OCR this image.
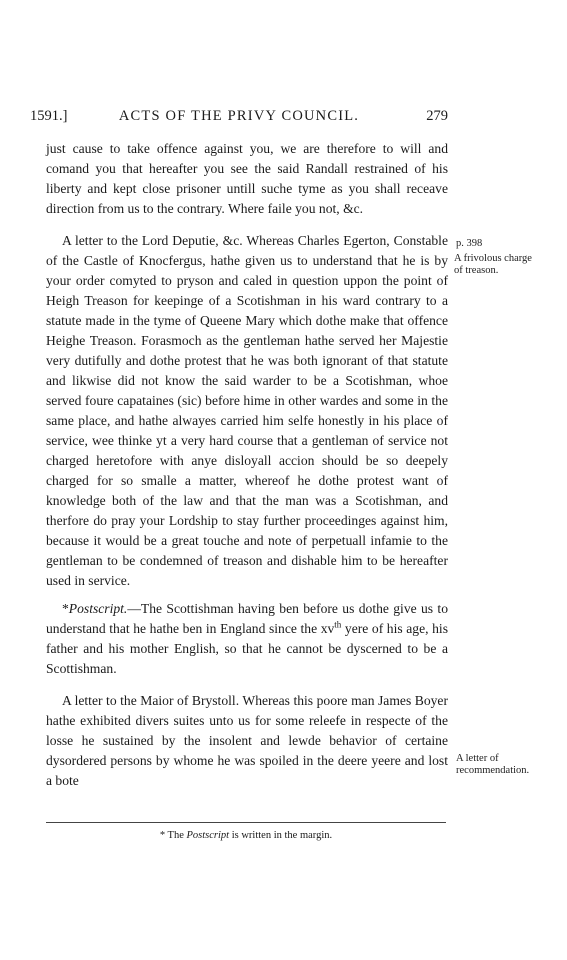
1591.]	ACTS OF THE PRIVY COUNCIL.	279

just cause to take offence against you, we are therefore to will and comand you that hereafter you see the said Randall restrained of his liberty and kept close prisoner untill suche tyme as you shall receave direction from us to the contrary. Where faile you not, &c.

A letter to the Lord Deputie, &c. Whereas Charles Egerton, Constable of the Castle of Knocfergus, hathe given us to understand that he is by your order comyted to pryson and caled in question uppon the point of Heigh Treason for keepinge of a Scotishman in his ward contrary to a statute made in the tyme of Queene Mary which dothe make that offence Heighe Treason. Forasmoch as the gentleman hathe served her Majestie very dutifully and dothe protest that he was both ignorant of that statute and likwise did not know the said warder to be a Scotishman, whoe served foure capataines (sic) before hime in other wardes and some in the same place, and hathe alwayes carried him selfe honestly in his place of service, wee thinke yt a very hard course that a gentleman of service not charged heretofore with anye disloyall accion should be so deepely charged for so smalle a matter, whereof he dothe protest want of knowledge both of the law and that the man was a Scotishman, and therfore do pray your Lordship to stay further proceedinges against him, because it would be a great touche and note of perpetuall infamie to the gentleman to be condemned of treason and dishable him to be hereafter used in service.

*Postscript.—The Scottishman having ben before us dothe give us to understand that he hathe ben in England since the $xv^{th}$ yere of his age, his father and his mother English, so that he cannot be dyscerned to be a Scottishman.

A letter to the Maior of Brystoll. Whereas this poore man James Boyer hathe exhibited divers suites unto us for some releefe in respecte of the losse he sustained by the insolent and lewde behavior of certaine dysordered persons by whome he was spoiled in the deere yeere and lost a bote

p. 398
A frivolous charge of treason.
A letter of recommendation.
* The Postscript is written in the margin.
